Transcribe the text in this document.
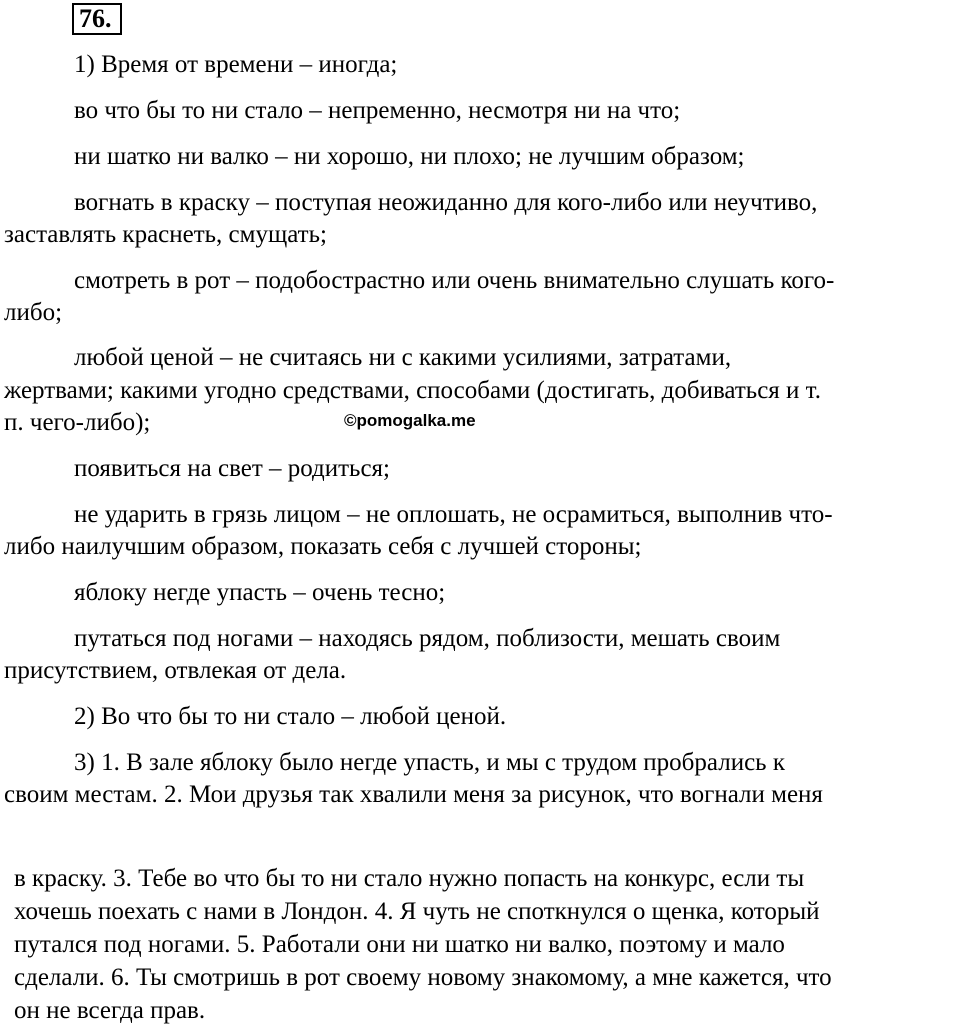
76.
1) Время от времени – иногда;
во что бы то ни стало – непременно, несмотря ни на что;
ни шатко ни валко – ни хорошо, ни плохо; не лучшим образом;
вогнать в краску – поступая неожиданно для кого-либо или неучтиво,
заставлять краснеть, смущать;
смотреть в рот – подобострастно или очень внимательно слушать кого-
либо;
любой ценой – не считаясь ни с какими усилиями, затратами,
жертвами; какими угодно средствами, способами (достигать, добиваться и т.
п. чего-либо);	©pomogalka.me
появиться на свет – родиться;
не ударить в грязь лицом – не оплошать, не осрамиться, выполнив что-
либо наилучшим образом, показать себя с лучшей стороны;
яблоку негде упасть – очень тесно;
путаться под ногами – находясь рядом, поблизости, мешать своим
присутствием, отвлекая от дела.
2) Во что бы то ни стало – любой ценой.
3) 1. В зале яблоку было негде упасть, и мы с трудом пробрались к
своим местам. 2. Мои друзья так хвалили меня за рисунок, что вогнали меня
в краску. 3. Тебе во что бы то ни стало нужно попасть на конкурс, если ты
хочешь поехать с нами в Лондон. 4. Я чуть не споткнулся о щенка, который
путался под ногами. 5. Работали они ни шатко ни валко, поэтому и мало
сделали. 6. Ты смотришь в рот своему новому знакомому, а мне кажется, что
он не всегда прав.
